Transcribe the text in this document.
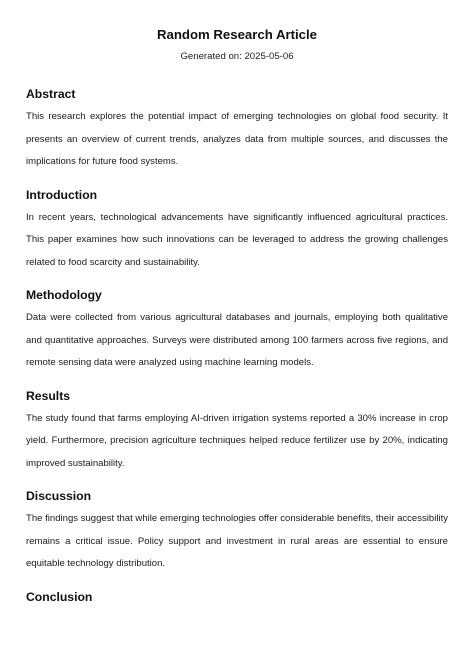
Random Research Article
Generated on: 2025-05-06
Abstract
This research explores the potential impact of emerging technologies on global food security. It presents an overview of current trends, analyzes data from multiple sources, and discusses the implications for future food systems.
Introduction
In recent years, technological advancements have significantly influenced agricultural practices. This paper examines how such innovations can be leveraged to address the growing challenges related to food scarcity and sustainability.
Methodology
Data were collected from various agricultural databases and journals, employing both qualitative and quantitative approaches. Surveys were distributed among 100 farmers across five regions, and remote sensing data were analyzed using machine learning models.
Results
The study found that farms employing AI-driven irrigation systems reported a 30% increase in crop yield. Furthermore, precision agriculture techniques helped reduce fertilizer use by 20%, indicating improved sustainability.
Discussion
The findings suggest that while emerging technologies offer considerable benefits, their accessibility remains a critical issue. Policy support and investment in rural areas are essential to ensure equitable technology distribution.
Conclusion
